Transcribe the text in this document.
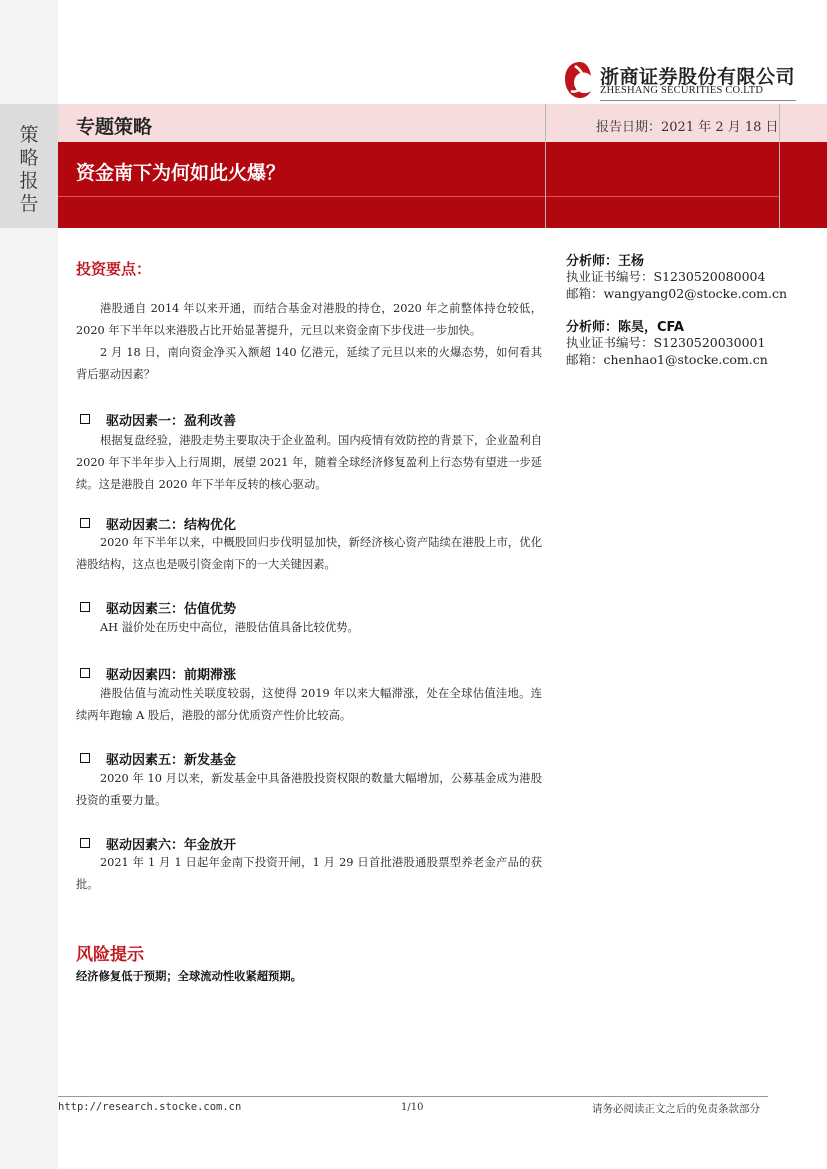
策略报告
浙商证券股份有限公司
ZHESHANG SECURITIES CO.LTD
专题策略	报告日期：2021 年 2 月 18 日
资金南下为何如此火爆？
投资要点：
港股通自 2014 年以来开通，而结合基金对港股的持仓，2020 年之前整体持仓较低，2020 年下半年以来港股占比开始显著提升，元旦以来资金南下步伐进一步加快。
2 月 18 日，南向资金净买入额超 140 亿港元，延续了元旦以来的火爆态势，如何看其背后驱动因素？
驱动因素一：盈利改善
根据复盘经验，港股走势主要取决于企业盈利。国内疫情有效防控的背景下，企业盈利自 2020 年下半年步入上行周期，展望 2021 年，随着全球经济修复盈利上行态势有望进一步延续。这是港股自 2020 年下半年反转的核心驱动。
驱动因素二：结构优化
2020 年下半年以来，中概股回归步伐明显加快，新经济核心资产陆续在港股上市，优化港股结构，这点也是吸引资金南下的一大关键因素。
驱动因素三：估值优势
AH 溢价处在历史中高位，港股估值具备比较优势。
驱动因素四：前期滞涨
港股估值与流动性关联度较弱，这使得 2019 年以来大幅滞涨，处在全球估值洼地。连续两年跑输 A 股后，港股的部分优质资产性价比较高。
驱动因素五：新发基金
2020 年 10 月以来，新发基金中具备港股投资权限的数量大幅增加，公募基金成为港股投资的重要力量。
驱动因素六：年金放开
2021 年 1 月 1 日起年金南下投资开闸，1 月 29 日首批港股通股票型养老金产品的获批。
分析师：王杨
执业证书编号：S1230520080004
邮箱：wangyang02@stocke.com.cn
分析师：陈昊，CFA
执业证书编号：S1230520030001
邮箱：chenhao1@stocke.com.cn
风险提示
经济修复低于预期；全球流动性收紧超预期。
http://research.stocke.com.cn	1/10	请务必阅读正文之后的免责条款部分
